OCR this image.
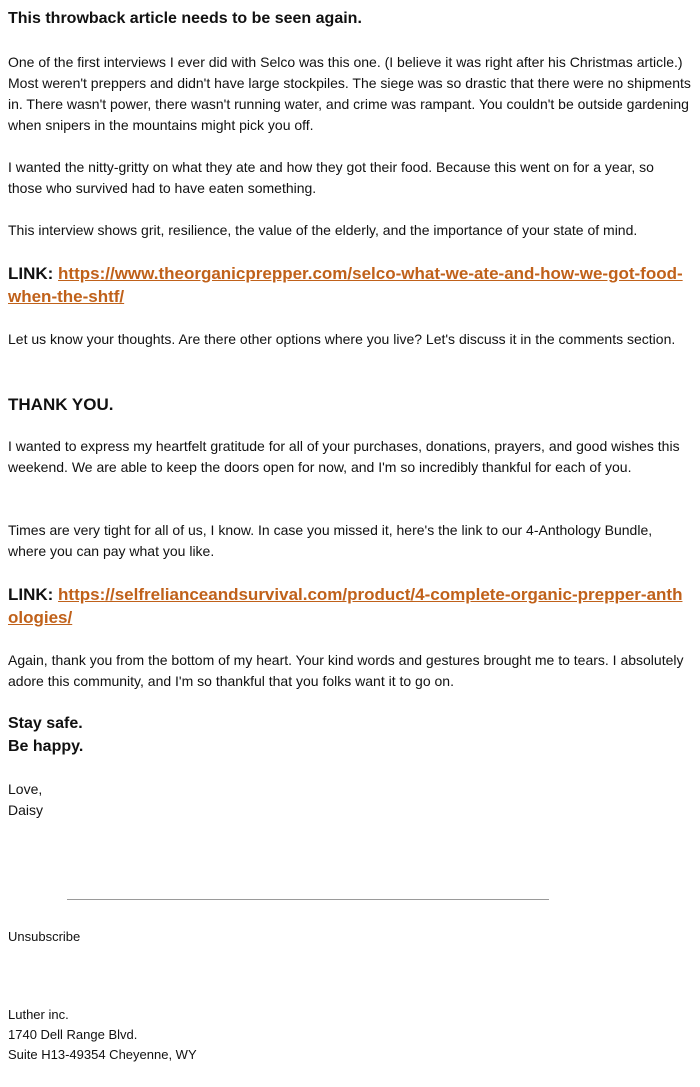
This throwback article needs to be seen again.

One of the first interviews I ever did with Selco was this one. (I believe it was right after his Christmas article.) Most weren't preppers and didn't have large stockpiles. The siege was so drastic that there were no shipments in. There wasn't power, there wasn't running water, and crime was rampant. You couldn't be outside gardening when snipers in the mountains might pick you off.

I wanted the nitty-gritty on what they ate and how they got their food. Because this went on for a year, so those who survived had to have eaten something.

This interview shows grit, resilience, the value of the elderly, and the importance of your state of mind.

LINK: https://www.theorganicprepper.com/selco-what-we-ate-and-how-we-got-food-when-the-shtf/

Let us know your thoughts. Are there other options where you live? Let's discuss it in the comments section.

THANK YOU.

I wanted to express my heartfelt gratitude for all of your purchases, donations, prayers, and good wishes this weekend. We are able to keep the doors open for now, and I'm so incredibly thankful for each of you.

Times are very tight for all of us, I know. In case you missed it, here's the link to our 4-Anthology Bundle, where you can pay what you like.

LINK: https://selfrelianceandsurvival.com/product/4-complete-organic-prepper-anthologies/

Again, thank you from the bottom of my heart. Your kind words and gestures brought me to tears. I absolutely adore this community, and I'm so thankful that you folks want it to go on.

Stay safe.

Be happy.

Love,

Daisy

Unsubscribe

Luther inc.

1740 Dell Range Blvd.

Suite H13-49354 Cheyenne, WY
